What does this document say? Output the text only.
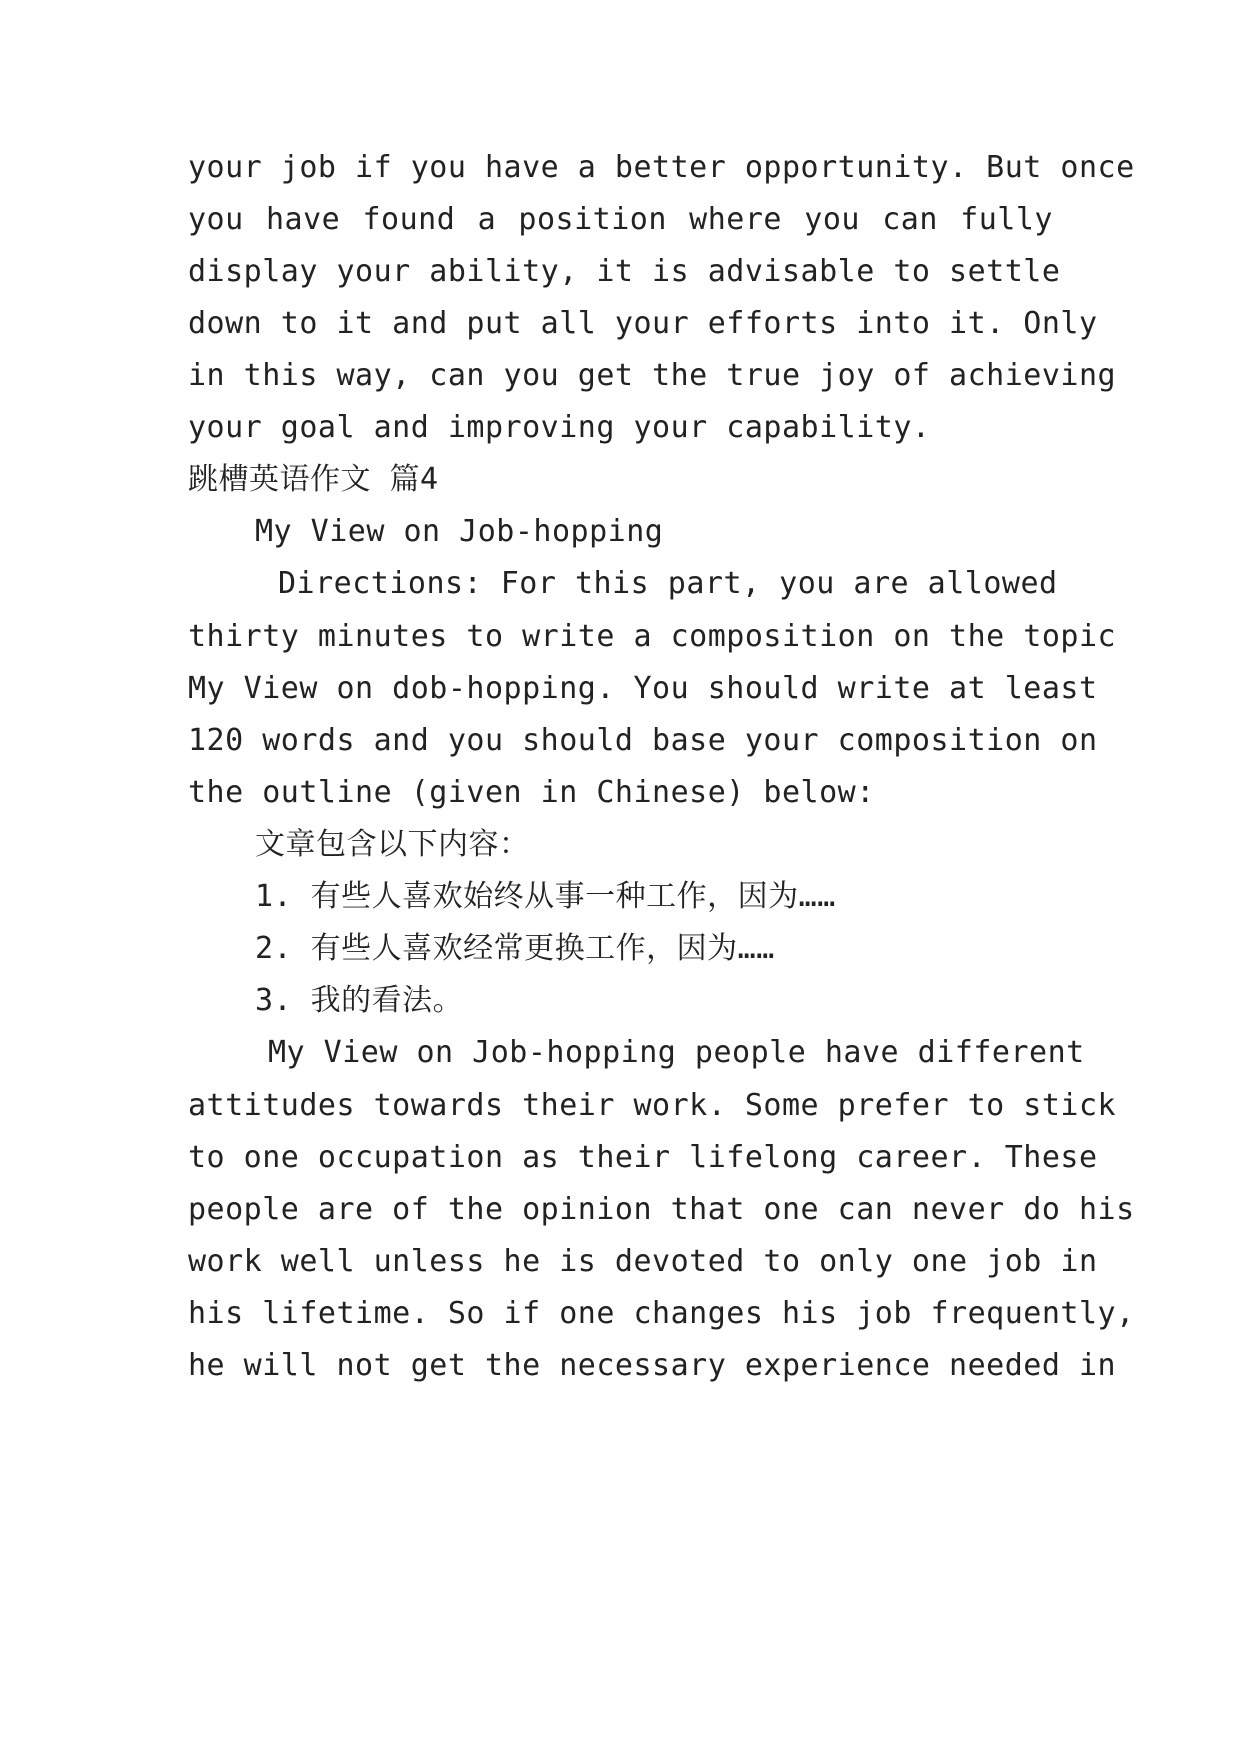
your job if you have a better opportunity. But once
you have found a position where you can fully
display your ability, it is advisable to settle
down to it and put all your efforts into it. Only
in this way, can you get the true joy of achieving
your goal and improving your capability.
跳槽英语作文 篇4
My View on Job-hopping
Directions: For this part, you are allowed
thirty minutes to write a composition on the topic
My View on dob-hopping. You should write at least
120 words and you should base your composition on
the outline (given in Chinese) below:
文章包含以下内容：
1. 有些人喜欢始终从事一种工作，因为……
2. 有些人喜欢经常更换工作，因为……
3. 我的看法。
My View on Job-hopping people have different
attitudes towards their work. Some prefer to stick
to one occupation as their lifelong career. These
people are of the opinion that one can never do his
work well unless he is devoted to only one job in
his lifetime. So if one changes his job frequently,
he will not get the necessary experience needed in
